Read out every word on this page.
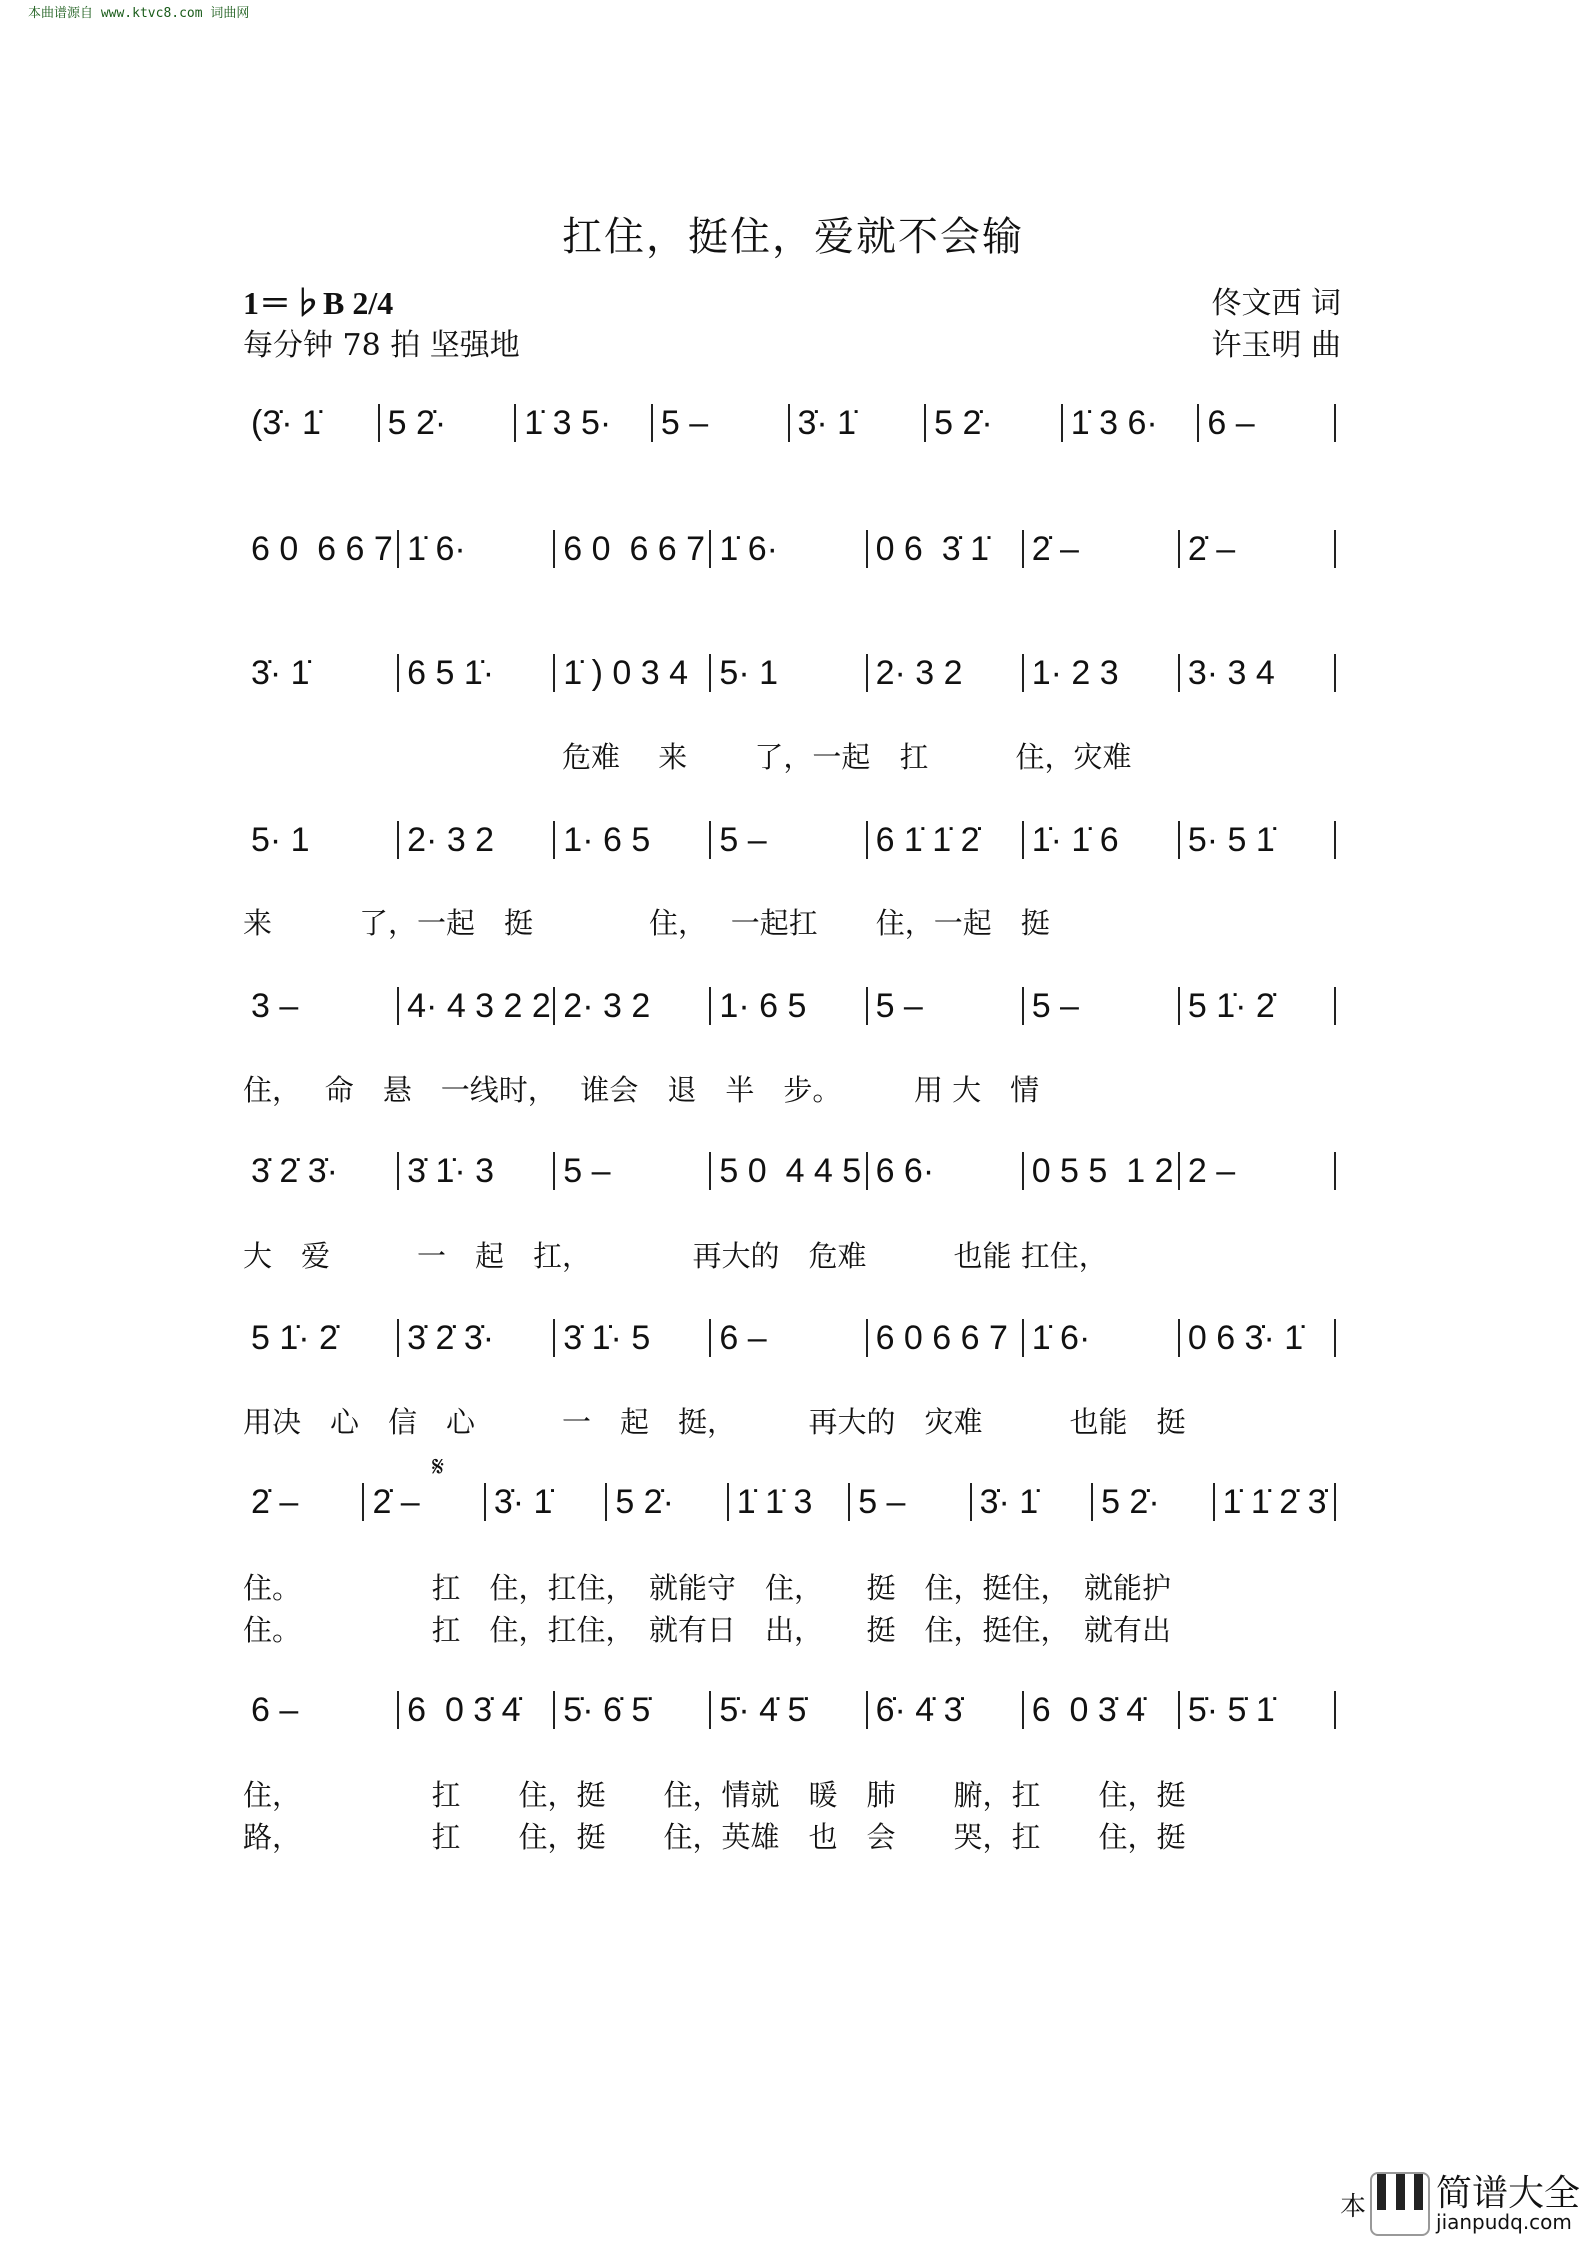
本曲谱源自 www.ktvc8.com 词曲网
扛住，挺住，爱就不会输
1＝♭B 2/4
每分钟 78 拍 坚强地
佟文西 词
许玉明 曲
𝄋
(3̇· 1̇	5 2̇·	1̇ 3 5·	5 –	3̇· 1̇	5 2̇·	1̇ 3 6·	6 –
6 0  6 6 7 1̇ 6·	6 0  6 6 7 1̇ 6·	0 6  3̇ 1̇	2̇ –	2̇ –
3̇· 1̇	6 5 1̇·	1̇ ) 0 3 4 5· 1	2· 3 2	1· 2 3	3· 3 4
　　　　　　　　　　　危难　 来　　 了，一起　扛　　　住，灾难
5· 1	2· 3 2	1· 6 5	5 –	6 1̇ 1̇ 2̇	1̇· 1̇ 6	5· 5 1̇
来　　　了，一起　挺　　　　住，　 一起扛　　住，一起　挺
3 –	4· 4 3 2 2 2· 3 2	1· 6 5	5 –	5 –	5 1̇· 2̇
住，　 命　悬　一线时，　 谁会　退　半　步。　　　用 大　情
3̇ 2̇ 3̇·	3̇ 1̇· 3	5 –	5 0  4 4 5 6 6·	0 5 5  1 2 2 –
大　爱　　　一　起　扛，　　　　再大的　危难　　　也能 扛住，
5 1̇· 2̇	3̇ 2̇ 3̇·	3̇ 1̇· 5	6 –	6 0 6 6 7 1̇ 6·	0 6 3̇· 1̇
用决　心　信　心　　　一　起　挺，　　　再大的　灾难　　　也能　挺
2̇ –	2̇ –	3̇· 1̇	5 2̇·	1̇ 1̇ 3	5 –	3̇· 1̇	5 2̇·	1̇ 1̇ 2̇ 3̇
住。　　　　　扛　住，扛住，　就能守　住，　　挺　住，挺住，　就能护
住。　　　　　扛　住，扛住，　就有日　出，　　挺　住，挺住，　就有出
6 –	6  0 3̇ 4̇	5̇· 6̇ 5̇	5̇· 4̇ 5̇	6̇· 4̇ 3̇	6  0 3̇ 4̇	5̇· 5̇ 1̇
住，　　　　　扛　　住，挺　　住，情就　暖　肺　　腑，扛　　住，挺
路，　　　　　扛　　住，挺　　住，英雄　也　会　　哭，扛　　住，挺
本 简谱大全
jianpudq.com
